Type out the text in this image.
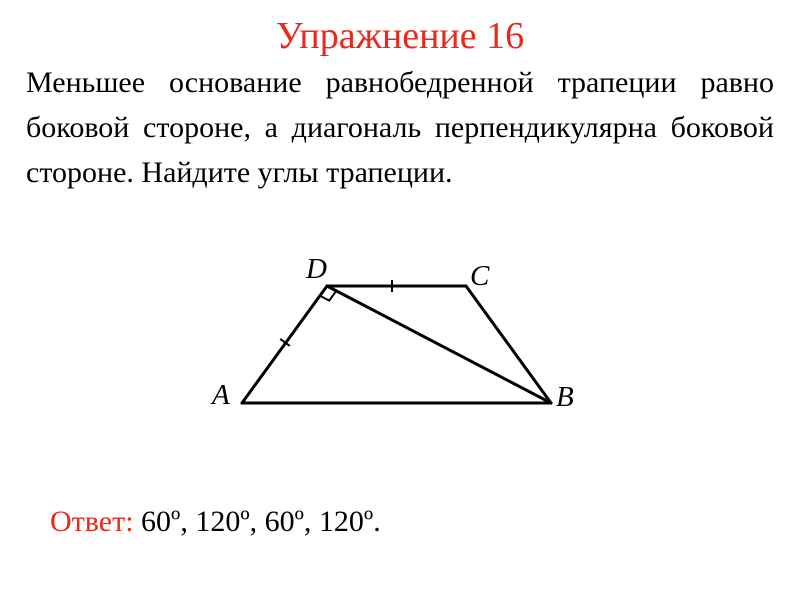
Упражнение 16
Меньшее основание равнобедренной трапеции равно боковой стороне, а диагональ перпендикулярна боковой стороне. Найдите углы трапеции.
A	B
C
D
Ответ: 60º, 120º, 60º, 120º.
